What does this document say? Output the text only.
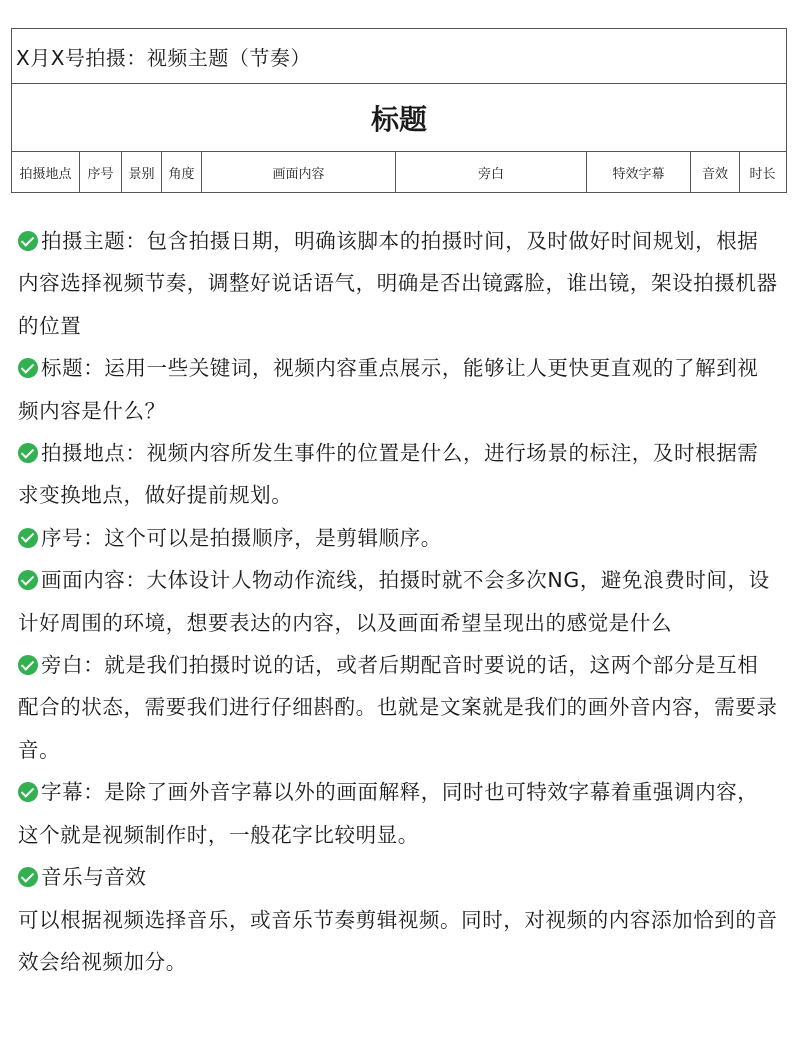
X月X号拍摄：视频主题（节奏）
标题
拍摄地点	序号	景别	角度	画面内容	旁白	特效字幕	音效	时长

拍摄主题：包含拍摄日期，明确该脚本的拍摄时间，及时做好时间规划，根据内容选择视频节奏，调整好说话语气，明确是否出镜露脸，谁出镜，架设拍摄机器的位置

标题：运用一些关键词，视频内容重点展示，能够让人更快更直观的了解到视频内容是什么？

拍摄地点：视频内容所发生事件的位置是什么，进行场景的标注，及时根据需求变换地点，做好提前规划。

序号：这个可以是拍摄顺序，是剪辑顺序。

画面内容：大体设计人物动作流线，拍摄时就不会多次NG，避免浪费时间，设计好周围的环境，想要表达的内容，以及画面希望呈现出的感觉是什么

旁白：就是我们拍摄时说的话，或者后期配音时要说的话，这两个部分是互相配合的状态，需要我们进行仔细斟酌。也就是文案就是我们的画外音内容，需要录音。

字幕：是除了画外音字幕以外的画面解释，同时也可特效字幕着重强调内容，这个就是视频制作时，一般花字比较明显。

音乐与音效

可以根据视频选择音乐，或音乐节奏剪辑视频。同时，对视频的内容添加恰到的音效会给视频加分。
